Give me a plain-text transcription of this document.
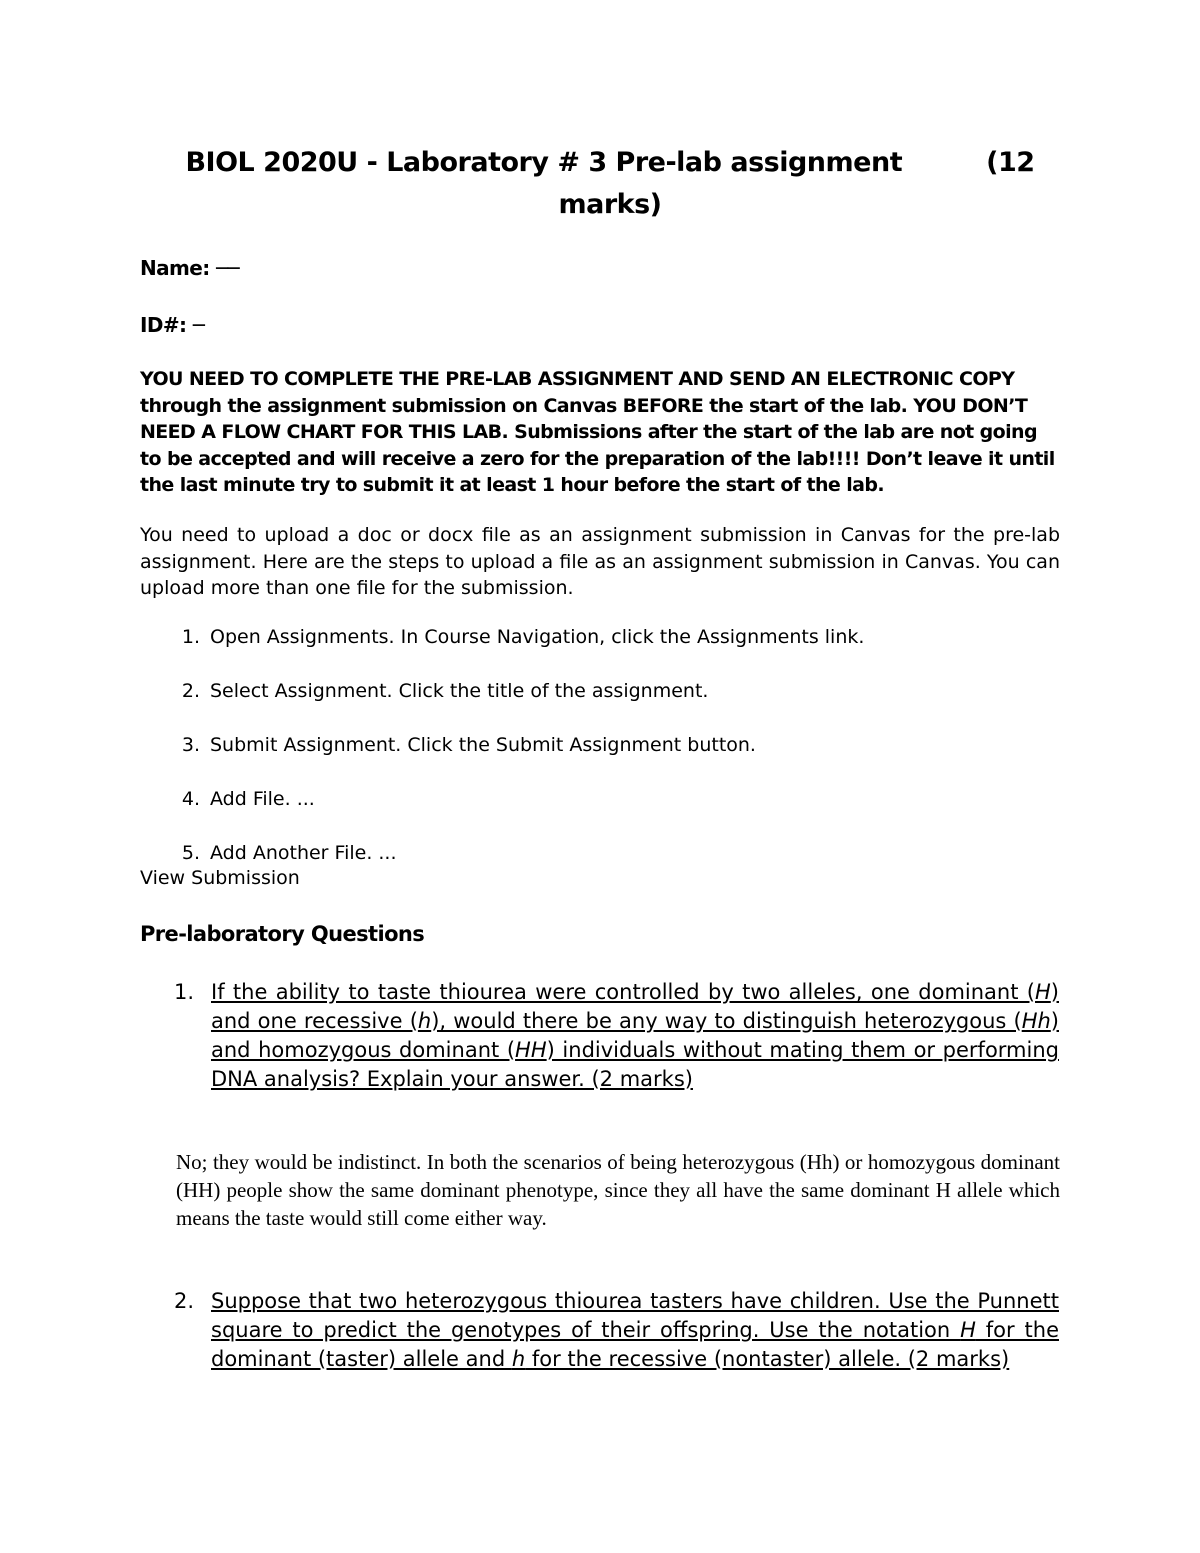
BIOL 2020U - Laboratory # 3 Pre-lab assignment	(12
marks)
Name: ──
ID#: ─
YOU NEED TO COMPLETE THE PRE-LAB ASSIGNMENT AND SEND AN ELECTRONIC COPY through the assignment submission on Canvas BEFORE the start of the lab. YOU DON’T NEED A FLOW CHART FOR THIS LAB. Submissions after the start of the lab are not going to be accepted and will receive a zero for the preparation of the lab!!!! Don’t leave it until the last minute try to submit it at least 1 hour before the start of the lab.
You need to upload a doc or docx file as an assignment submission in Canvas for the pre-lab assignment. Here are the steps to upload a file as an assignment submission in Canvas. You can upload more than one file for the submission.
1. Open Assignments. In Course Navigation, click the Assignments link.
2. Select Assignment. Click the title of the assignment.
3. Submit Assignment. Click the Submit Assignment button.
4. Add File. ...
5. Add Another File. ...
View Submission
Pre-laboratory Questions
1. If the ability to taste thiourea were controlled by two alleles, one dominant (H) and one recessive (h), would there be any way to distinguish heterozygous (Hh) and homozygous dominant (HH) individuals without mating them or performing DNA analysis? Explain your answer. (2 marks)
No; they would be indistinct. In both the scenarios of being heterozygous (Hh) or homozygous dominant (HH) people show the same dominant phenotype, since they all have the same dominant H allele which means the taste would still come either way.
2. Suppose that two heterozygous thiourea tasters have children. Use the Punnett square to predict the genotypes of their offspring. Use the notation H for the dominant (taster) allele and h for the recessive (nontaster) allele. (2 marks)
